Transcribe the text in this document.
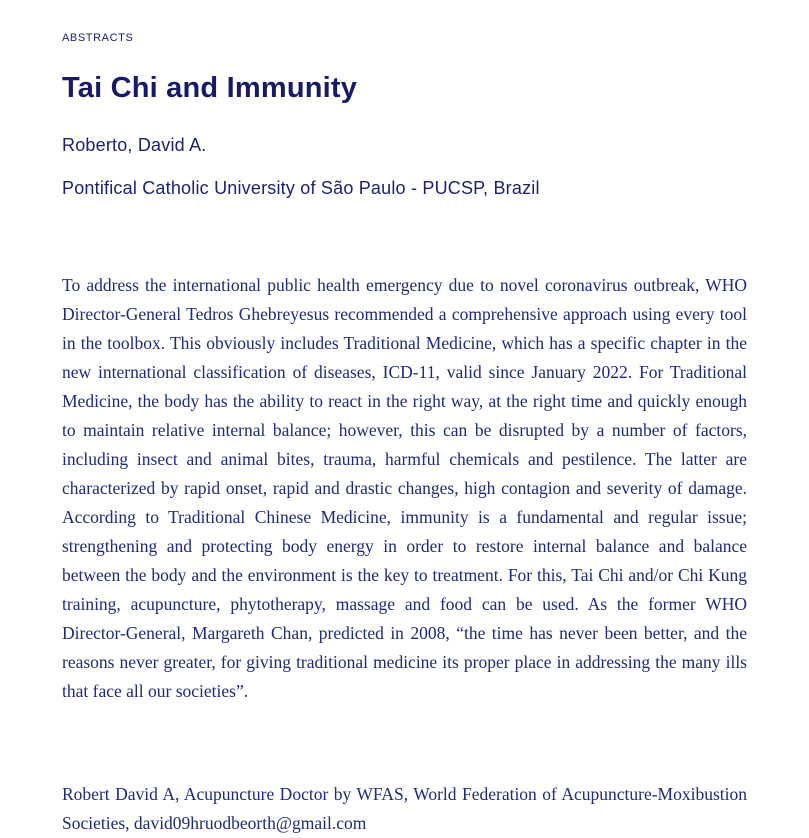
ABSTRACTS
Tai Chi and Immunity
Roberto, David A.
Pontifical Catholic University of São Paulo - PUCSP, Brazil

To address the international public health emergency due to novel coronavirus outbreak, WHO Director-General Tedros Ghebreyesus recommended a comprehensive approach using every tool in the toolbox. This obviously includes Traditional Medicine, which has a specific chapter in the new international classification of diseases, ICD-11, valid since January 2022. For Traditional Medicine, the body has the ability to react in the right way, at the right time and quickly enough to maintain relative internal balance; however, this can be disrupted by a number of factors, including insect and animal bites, trauma, harmful chemicals and pestilence. The latter are characterized by rapid onset, rapid and drastic changes, high contagion and severity of damage. According to Traditional Chinese Medicine, immunity is a fundamental and regular issue; strengthening and protecting body energy in order to restore internal balance and balance between the body and the environment is the key to treatment. For this, Tai Chi and/or Chi Kung training, acupuncture, phytotherapy, massage and food can be used. As the former WHO Director-General, Margareth Chan, predicted in 2008, “the time has never been better, and the reasons never greater, for giving traditional medicine its proper place in addressing the many ills that face all our societies”.

Robert David A, Acupuncture Doctor by WFAS, World Federation of Acupuncture-Moxibustion Societies, david09hruodbeorth@gmail.com
